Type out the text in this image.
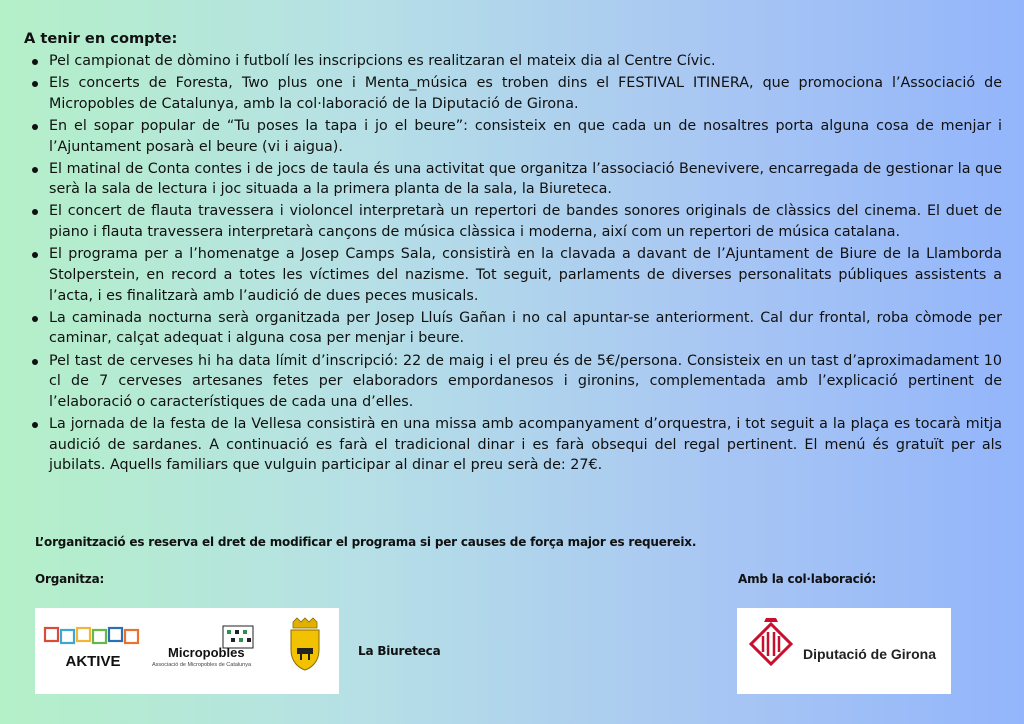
A tenir en compte:
Pel campionat de dòmino i futbolí les inscripcions es realitzaran el mateix dia al Centre Cívic.
Els concerts de Foresta, Two plus one i Menta_música es troben dins el FESTIVAL ITINERA, que promociona l’Associació de Micropobles de Catalunya, amb la col·laboració de la Diputació de Girona.
En el sopar popular de “Tu poses la tapa i jo el beure”: consisteix en que cada un de nosaltres porta alguna cosa de menjar i l’Ajuntament posarà el beure (vi i aigua).
El matinal de Conta contes i de jocs de taula és una activitat que organitza l’associació Benevivere, encarregada de gestionar la que serà la sala de lectura i joc situada a la primera planta de la sala, la Biureteca.
El concert de flauta travessera i violoncel interpretarà un repertori de bandes sonores originals de clàssics del cinema. El duet de piano i flauta travessera interpretarà cançons de música clàssica i moderna, així com un repertori de música catalana.
El programa per a l’homenatge a Josep Camps Sala, consistirà en la clavada a davant de l’Ajuntament de Biure de la Llamborda Stolperstein, en record a totes les víctimes del nazisme. Tot seguit, parlaments de diverses personalitats públiques assistents a l’acta, i es finalitzarà amb l’audició de dues peces musicals.
La caminada nocturna serà organitzada per Josep Lluís Gañan i no cal apuntar-se anteriorment. Cal dur frontal, roba còmode per caminar, calçat adequat i alguna cosa per menjar i beure.
Pel tast de cerveses hi ha data límit d’inscripció: 22 de maig i el preu és de 5€/persona. Consisteix en un tast d’aproximadament 10 cl de 7 cerveses artesanes fetes per elaboradors empordanesos i gironins, complementada amb l’explicació pertinent de l’elaboració o característiques de cada una d’elles.
La jornada de la festa de la Vellesa consistirà en una missa amb acompanyament d’orquestra, i tot seguit a la plaça es tocarà mitja audició de sardanes. A continuació es farà el tradicional dinar i es farà obsequi del regal pertinent. El menú és gratuït per als jubilats. Aquells familiars que vulguin participar al dinar el preu serà de: 27€.
L’organització es reserva el dret de modificar el programa si per causes de força major es requereix.
Organitza:	Amb la col·laboració:
AKTIVE
Micropobles
Associació de Micropobles de Catalunya
La Biureteca	Diputació de Girona
